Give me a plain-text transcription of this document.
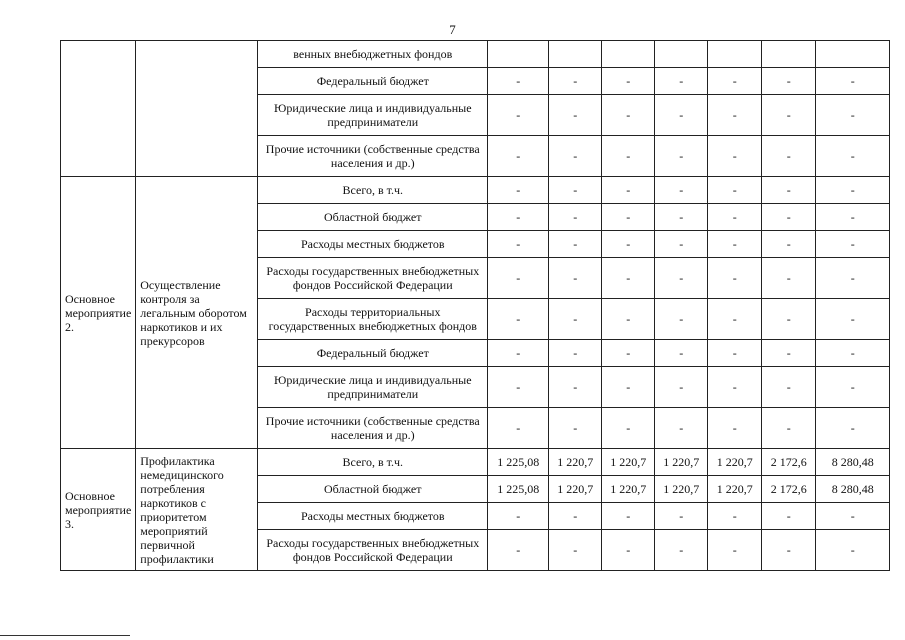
7
		венных внебюджетных фондов							
		Федеральный бюджет	-	-	-	-	-	-	-
		Юридические лица и индивидуальные предприниматели	-	-	-	-	-	-	-
		Прочие источники (собственные средства населения и др.)	-	-	-	-	-	-	-
Основное мероприятие 2.	Осуществление контроля за легальным оборотом наркотиков и их прекурсоров	Всего, в т.ч.	-	-	-	-	-	-	-
		Областной бюджет	-	-	-	-	-	-	-
		Расходы местных бюджетов	-	-	-	-	-	-	-
		Расходы государственных внебюджетных фондов Российской Федерации	-	-	-	-	-	-	-
		Расходы территориальных государственных внебюджетных фондов	-	-	-	-	-	-	-
		Федеральный бюджет	-	-	-	-	-	-	-
		Юридические лица и индивидуальные предприниматели	-	-	-	-	-	-	-
		Прочие источники (собственные средства населения и др.)	-	-	-	-	-	-	-
Основное мероприятие 3.	Профилактика немедицинского потребления наркотиков с приоритетом мероприятий первичной профилактики	Всего, в т.ч.	1 225,08	1 220,7	1 220,7	1 220,7	1 220,7	2 172,6	8 280,48
		Областной бюджет	1 225,08	1 220,7	1 220,7	1 220,7	1 220,7	2 172,6	8 280,48
		Расходы местных бюджетов	-	-	-	-	-	-	-
		Расходы государственных внебюджетных фондов Российской Федерации	-	-	-	-	-	-	-
